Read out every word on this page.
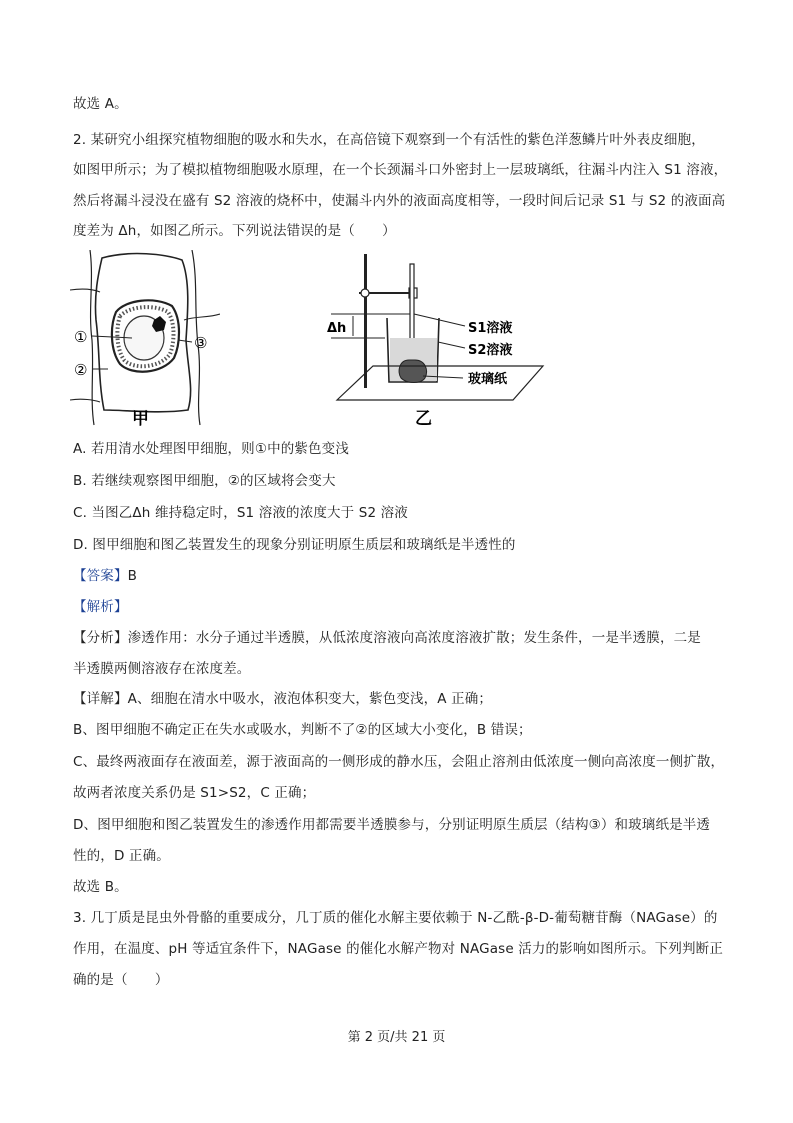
故选 A。
2. 某研究小组探究植物细胞的吸水和失水，在高倍镜下观察到一个有活性的紫色洋葱鳞片叶外表皮细胞，
如图甲所示；为了模拟植物细胞吸水原理，在一个长颈漏斗口外密封上一层玻璃纸，往漏斗内注入 S1 溶液，
然后将漏斗浸没在盛有 S2 溶液的烧杯中，使漏斗内外的液面高度相等，一段时间后记录 S1 与 S2 的液面高
度差为 Δh，如图乙所示。下列说法错误的是（　　）
①	③
②
甲
Δh	S1溶液
S2溶液
玻璃纸
乙
A. 若用清水处理图甲细胞，则①中的紫色变浅
B. 若继续观察图甲细胞，②的区域将会变大
C. 当图乙Δh 维持稳定时，S1 溶液的浓度大于 S2 溶液
D. 图甲细胞和图乙装置发生的现象分别证明原生质层和玻璃纸是半透性的
【答案】B
【解析】
【分析】渗透作用：水分子通过半透膜，从低浓度溶液向高浓度溶液扩散；发生条件，一是半透膜，二是
半透膜两侧溶液存在浓度差。
【详解】A、细胞在清水中吸水，液泡体积变大，紫色变浅，A 正确；
B、图甲细胞不确定正在失水或吸水，判断不了②的区域大小变化，B 错误；
C、最终两液面存在液面差，源于液面高的一侧形成的静水压，会阻止溶剂由低浓度一侧向高浓度一侧扩散，
故两者浓度关系仍是 S1>S2，C 正确；
D、图甲细胞和图乙装置发生的渗透作用都需要半透膜参与，分别证明原生质层（结构③）和玻璃纸是半透
性的，D 正确。
故选 B。
3. 几丁质是昆虫外骨骼的重要成分，几丁质的催化水解主要依赖于 N-乙酰-β-D-葡萄糖苷酶（NAGase）的
作用，在温度、pH 等适宜条件下，NAGase 的催化水解产物对 NAGase 活力的影响如图所示。下列判断正
确的是（　　）
第 2 页/共 21 页
